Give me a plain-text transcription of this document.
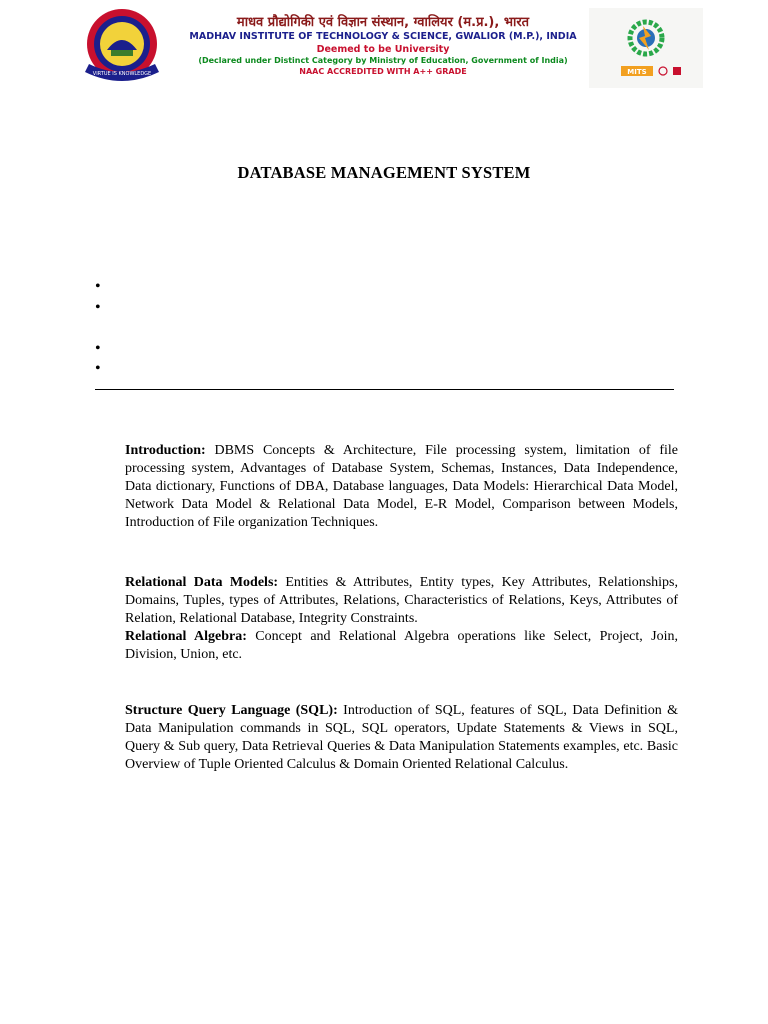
VIRTUE IS KNOWLEDGE
माधव प्रौद्योगिकी एवं विज्ञान संस्थान, ग्वालियर (म.प्र.), भारत
MADHAV INSTITUTE OF TECHNOLOGY & SCIENCE, GWALIOR (M.P.), INDIA
Deemed to be University
(Declared under Distinct Category by Ministry of Education, Government of India)
NAAC ACCREDITED WITH A++ GRADE	MITS
DATABASE MANAGEMENT SYSTEM
•
•
•
•
Introduction: DBMS Concepts & Architecture, File processing system, limitation of file processing system, Advantages of Database System, Schemas, Instances, Data Independence, Data dictionary, Functions of DBA, Database languages, Data Models: Hierarchical Data Model, Network Data Model & Relational Data Model, E-R Model, Comparison between Models, Introduction of File organization Techniques.
Relational Data Models: Entities & Attributes, Entity types, Key Attributes, Relationships, Domains, Tuples, types of Attributes, Relations, Characteristics of Relations, Keys, Attributes of Relation, Relational Database, Integrity Constraints.
Relational Algebra: Concept and Relational Algebra operations like Select, Project, Join, Division, Union, etc.
Structure Query Language (SQL): Introduction of SQL, features of SQL, Data Definition & Data Manipulation commands in SQL, SQL operators, Update Statements & Views in SQL, Query & Sub query, Data Retrieval Queries & Data Manipulation Statements examples, etc. Basic Overview of Tuple Oriented Calculus & Domain Oriented Relational Calculus.
